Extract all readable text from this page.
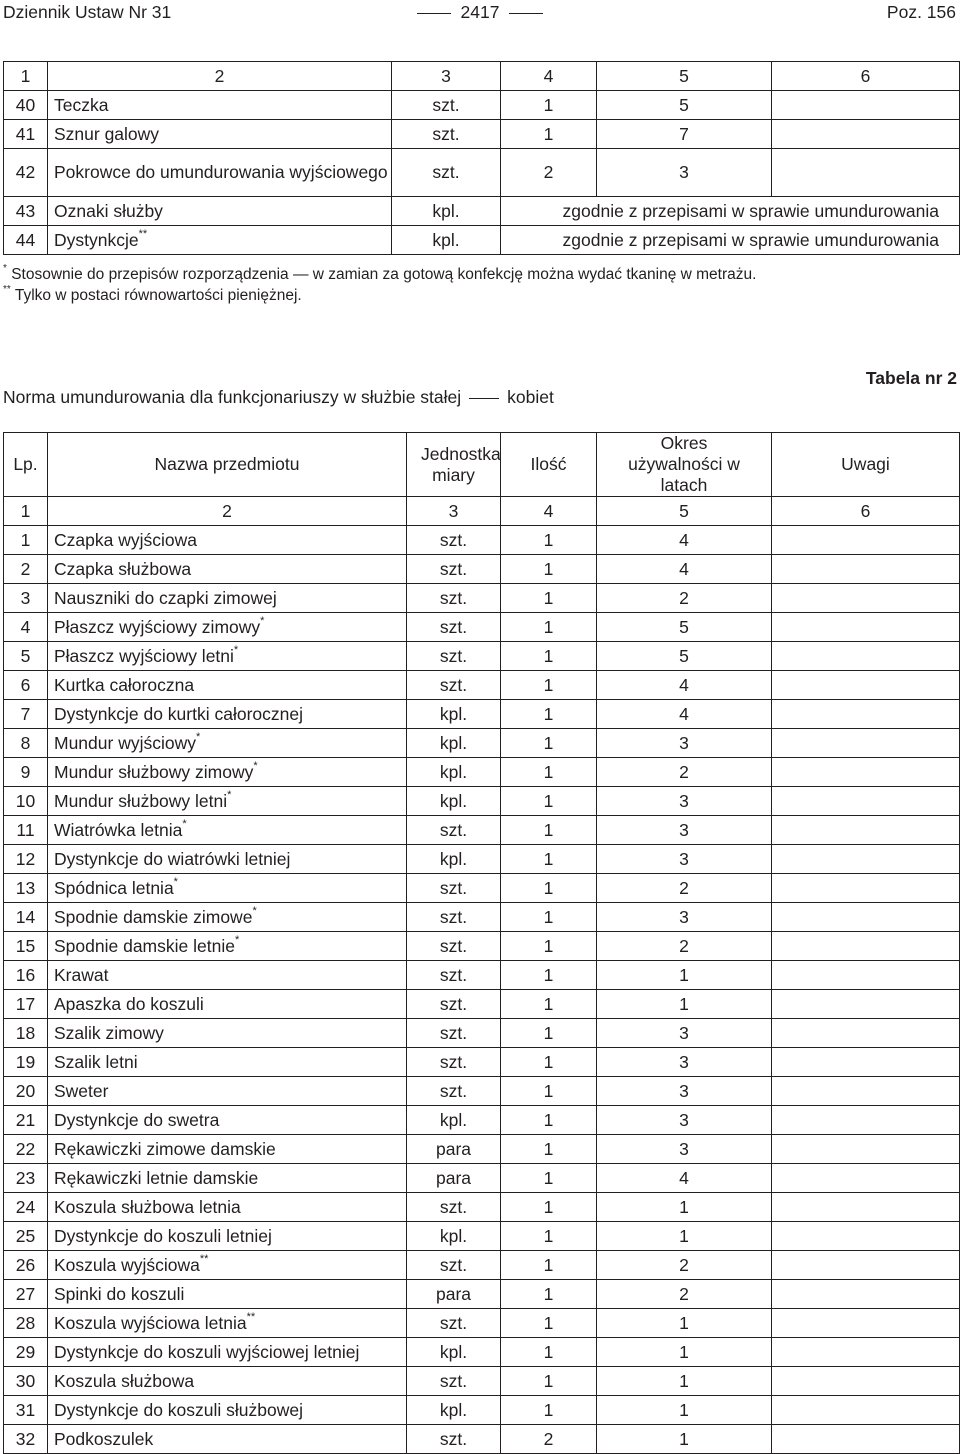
Dziennik Ustaw Nr 31	2417	Poz. 156
1	2	3	4	5	6
40	Teczka	szt.	1	5	
41	Sznur galowy	szt.	1	7	
42	Pokrowce do umundurowania wyjściowego	szt.	2	3	
43	Oznaki służby	kpl.	zgodnie z przepisami w sprawie umundurowania		
44	Dystynkcje**	kpl.	zgodnie z przepisami w sprawie umundurowania		
* Stosownie do przepisów rozporządzenia — w zamian za gotową konfekcję można wydać tkaninę w metrażu.
** Tylko w postaci równowartości pieniężnej.
Tabela nr 2
Norma umundurowania dla funkcjonariuszy w służbie stałej	kobiet
Lp.	Nazwa przedmiotu	Jednostka miary	Ilość	Okres używalności w latach	Uwagi
1	2	3	4	5	6
1	Czapka wyjściowa	szt.	1	4	
2	Czapka służbowa	szt.	1	4	
3	Nauszniki do czapki zimowej	szt.	1	2	
4	Płaszcz wyjściowy zimowy*	szt.	1	5	
5	Płaszcz wyjściowy letni*	szt.	1	5	
6	Kurtka całoroczna	szt.	1	4	
7	Dystynkcje do kurtki całorocznej	kpl.	1	4	
8	Mundur wyjściowy*	kpl.	1	3	
9	Mundur służbowy zimowy*	kpl.	1	2	
10	Mundur służbowy letni*	kpl.	1	3	
11	Wiatrówka letnia*	szt.	1	3	
12	Dystynkcje do wiatrówki letniej	kpl.	1	3	
13	Spódnica letnia*	szt.	1	2	
14	Spodnie damskie zimowe*	szt.	1	3	
15	Spodnie damskie letnie*	szt.	1	2	
16	Krawat	szt.	1	1	
17	Apaszka do koszuli	szt.	1	1	
18	Szalik zimowy	szt.	1	3	
19	Szalik letni	szt.	1	3	
20	Sweter	szt.	1	3	
21	Dystynkcje do swetra	kpl.	1	3	
22	Rękawiczki zimowe damskie	para	1	3	
23	Rękawiczki letnie damskie	para	1	4	
24	Koszula służbowa letnia	szt.	1	1	
25	Dystynkcje do koszuli letniej	kpl.	1	1	
26	Koszula wyjściowa**	szt.	1	2	
27	Spinki do koszuli	para	1	2	
28	Koszula wyjściowa letnia**	szt.	1	1	
29	Dystynkcje do koszuli wyjściowej letniej	kpl.	1	1	
30	Koszula służbowa	szt.	1	1	
31	Dystynkcje do koszuli służbowej	kpl.	1	1	
32	Podkoszulek	szt.	2	1	
